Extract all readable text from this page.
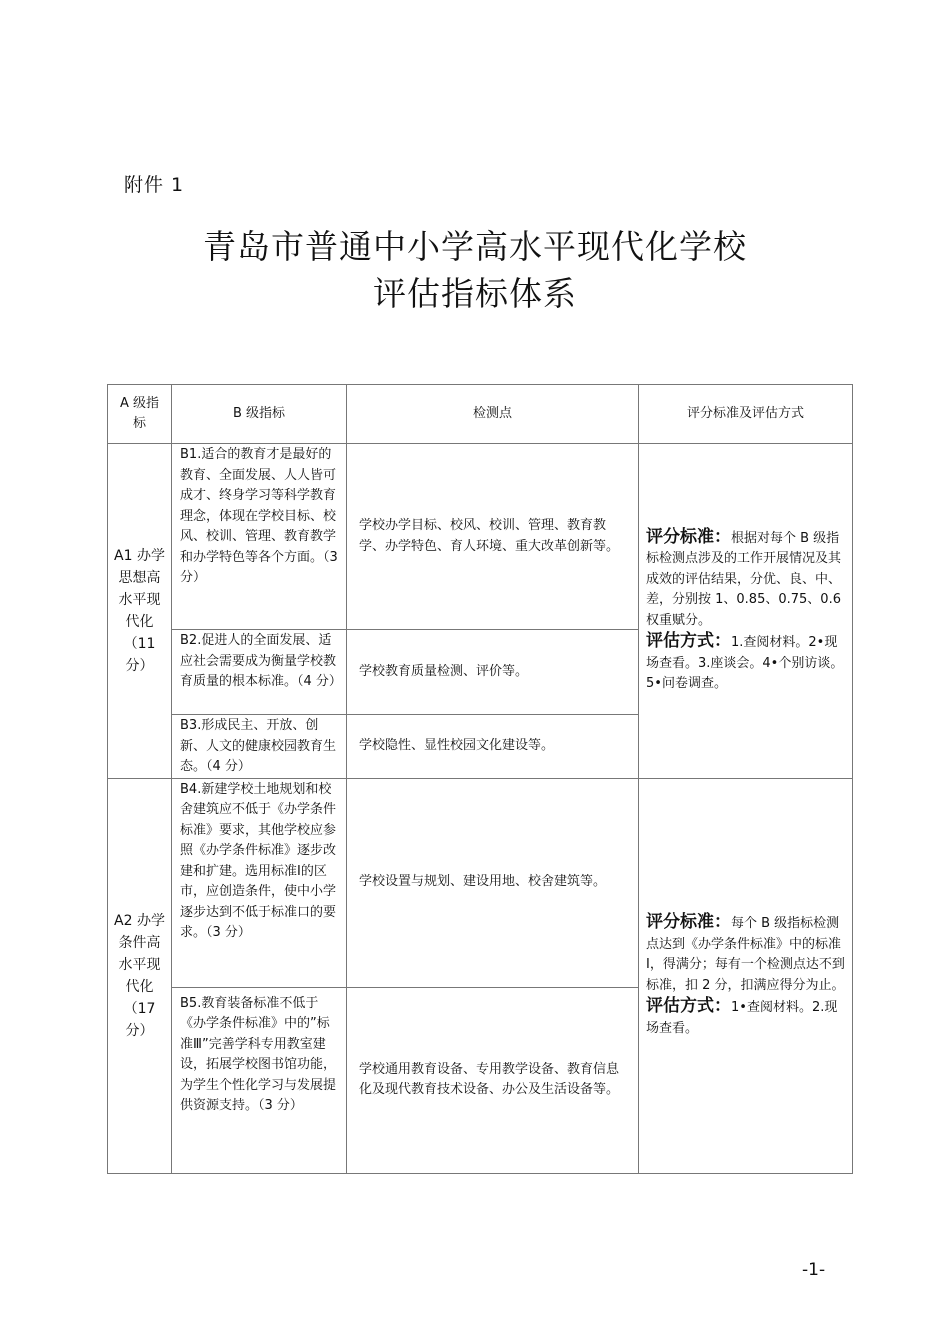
附件 1
青岛市普通中小学高水平现代化学校
评估指标体系
A 级指标	B 级指标	检测点	评分标准及评估方式
A1 办学思想高水平现代化（11 分）	B1.适合的教育才是最好的教育、全面发展、人人皆可成才、终身学习等科学教育理念，体现在学校目标、校风、校训、管理、教育教学和办学特色等各个方面。（3 分）	学校办学目标、校风、校训、管理、教育教学、办学特色、育人环境、重大改革创新等。	评分标准：根据对每个 B 级指标检测点涉及的工作开展情况及其成效的评估结果，分优、良、中、差，分别按 1、0.85、0.75、0.6 权重赋分。
评估方式：1.查阅材料。2•现场查看。3.座谈会。4•个别访谈。5•问卷调查。

	B2.促进人的全面发展、适应社会需要成为衡量学校教育质量的根本标准。（4 分）	学校教育质量检测、评价等。	

	B3.形成民主、开放、创新、人文的健康校园教育生态。（4 分）	学校隐性、显性校园文化建设等。	
A2 办学条件高水平现代化（17 分）	B4.新建学校土地规划和校舍建筑应不低于《办学条件标准》要求，其他学校应参照《办学条件标准》逐步改建和扩建。选用标准Ⅰ的区市，应创造条件，使中小学逐步达到不低于标准口的要求。（3 分）	学校设置与规划、建设用地、校舍建筑等。	评分标准：每个 B 级指标检测点达到《办学条件标准》中的标准Ⅰ，得满分；每有一个检测点达不到标准，扣 2 分，扣满应得分为止。
评估方式：1•查阅材料。2.现场查看。

	B5.教育装备标准不低于《办学条件标准》中的”标准Ⅲ”完善学科专用教室建设，拓展学校图书馆功能，为学生个性化学习与发展提供资源支持。（3 分）	学校通用教育设备、专用教学设备、教育信息化及现代教育技术设备、办公及生活设备等。	
-1-
